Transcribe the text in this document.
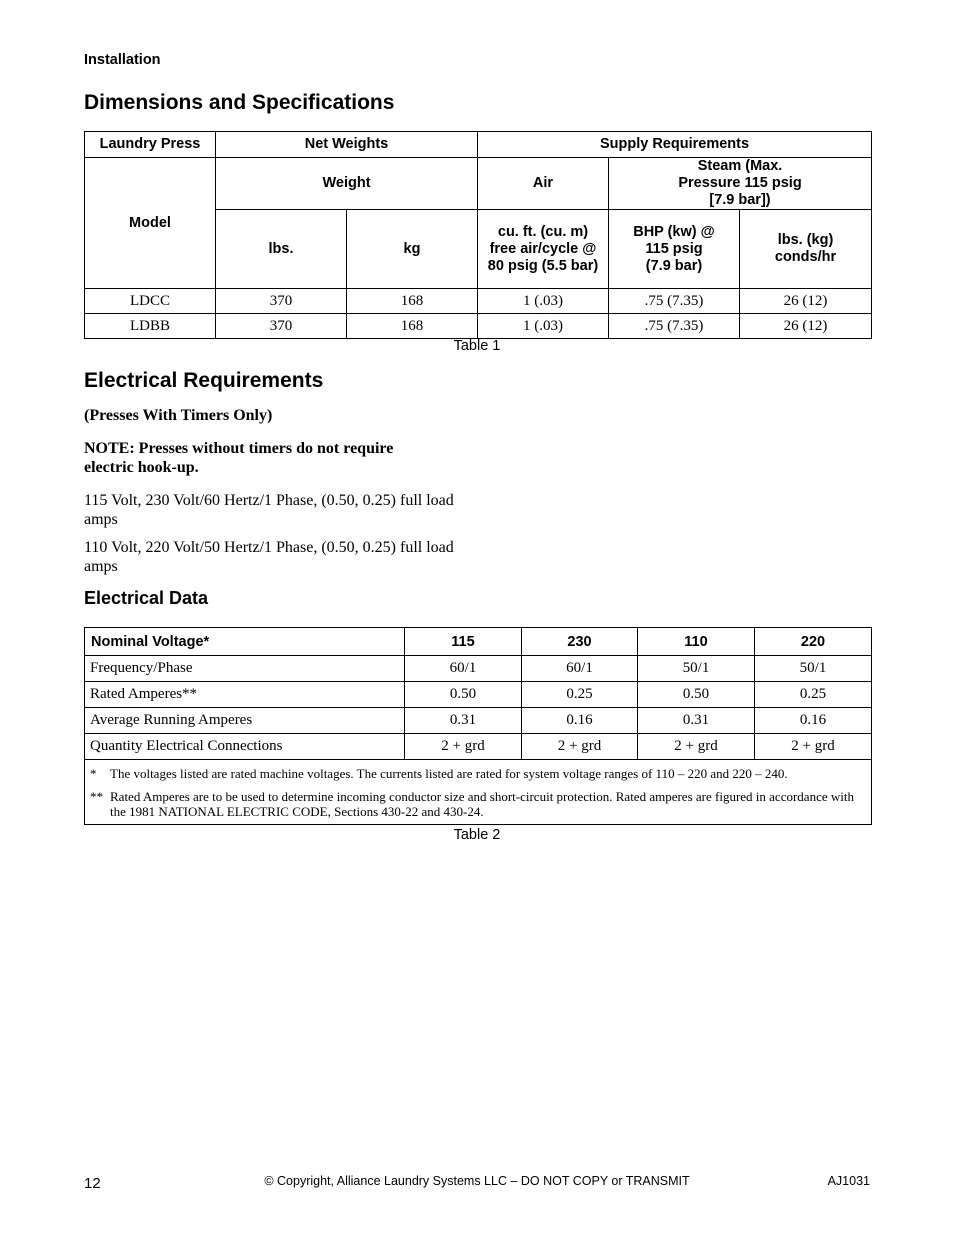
Installation
Dimensions and Specifications
Laundry Press	Net Weights		Supply Requirements		
Model	Weight		Air	Steam (Max. Pressure 115 psig [7.9 bar])	
	lbs.	kg	cu. ft. (cu. m) free air/cycle @ 80 psig (5.5 bar)	BHP (kw) @ 115 psig (7.9 bar)	lbs. (kg) conds/hr
LDCC	370	168	1 (.03)	.75 (7.35)	26 (12)
LDBB	370	168	1 (.03)	.75 (7.35)	26 (12)
Table 1
Electrical Requirements
(Presses With Timers Only)
NOTE: Presses without timers do not require electric hook-up.
115 Volt, 230 Volt/60 Hertz/1 Phase, (0.50, 0.25) full load amps
110 Volt, 220 Volt/50 Hertz/1 Phase, (0.50, 0.25) full load amps
Electrical Data
Nominal Voltage*	115	230	110	220
Frequency/Phase	60/1	60/1	50/1	50/1
Rated Amperes**	0.50	0.25	0.50	0.25
Average Running Amperes	0.31	0.16	0.31	0.16
Quantity Electrical Connections	2 + grd	2 + grd	2 + grd	2 + grd

* The voltages listed are rated machine voltages. The currents listed are rated for system voltage ranges of 110 – 220 and 220 – 240.
** Rated Amperes are to be used to determine incoming conductor size and short-circuit protection. Rated amperes are figured in accordance with the 1981 NATIONAL ELECTRIC CODE, Sections 430-22 and 430-24.				
Table 2
12	© Copyright, Alliance Laundry Systems LLC – DO NOT COPY or TRANSMIT	AJ1031
